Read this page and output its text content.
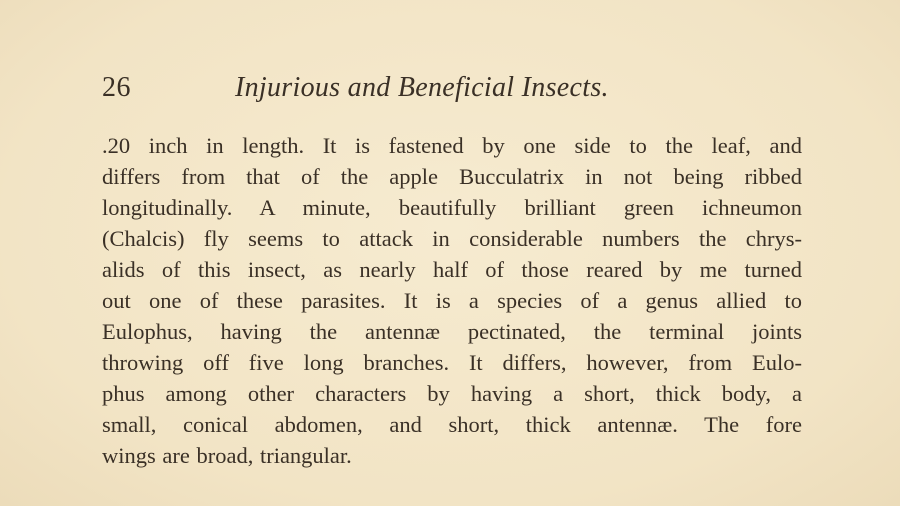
26	Injurious and Beneficial Insects.
.20 inch in length. It is fastened by one side to the leaf, and
differs from that of the apple Bucculatrix in not being ribbed
longitudinally. A minute, beautifully brilliant green ichneumon
(Chalcis) fly seems to attack in considerable numbers the chrys-
alids of this insect, as nearly half of those reared by me turned
out one of these parasites. It is a species of a genus allied to
Eulophus, having the antennæ pectinated, the terminal joints
throwing off five long branches. It differs, however, from Eulo-
phus among other characters by having a short, thick body, a
small, conical abdomen, and short, thick antennæ. The fore
wings are broad, triangular.
